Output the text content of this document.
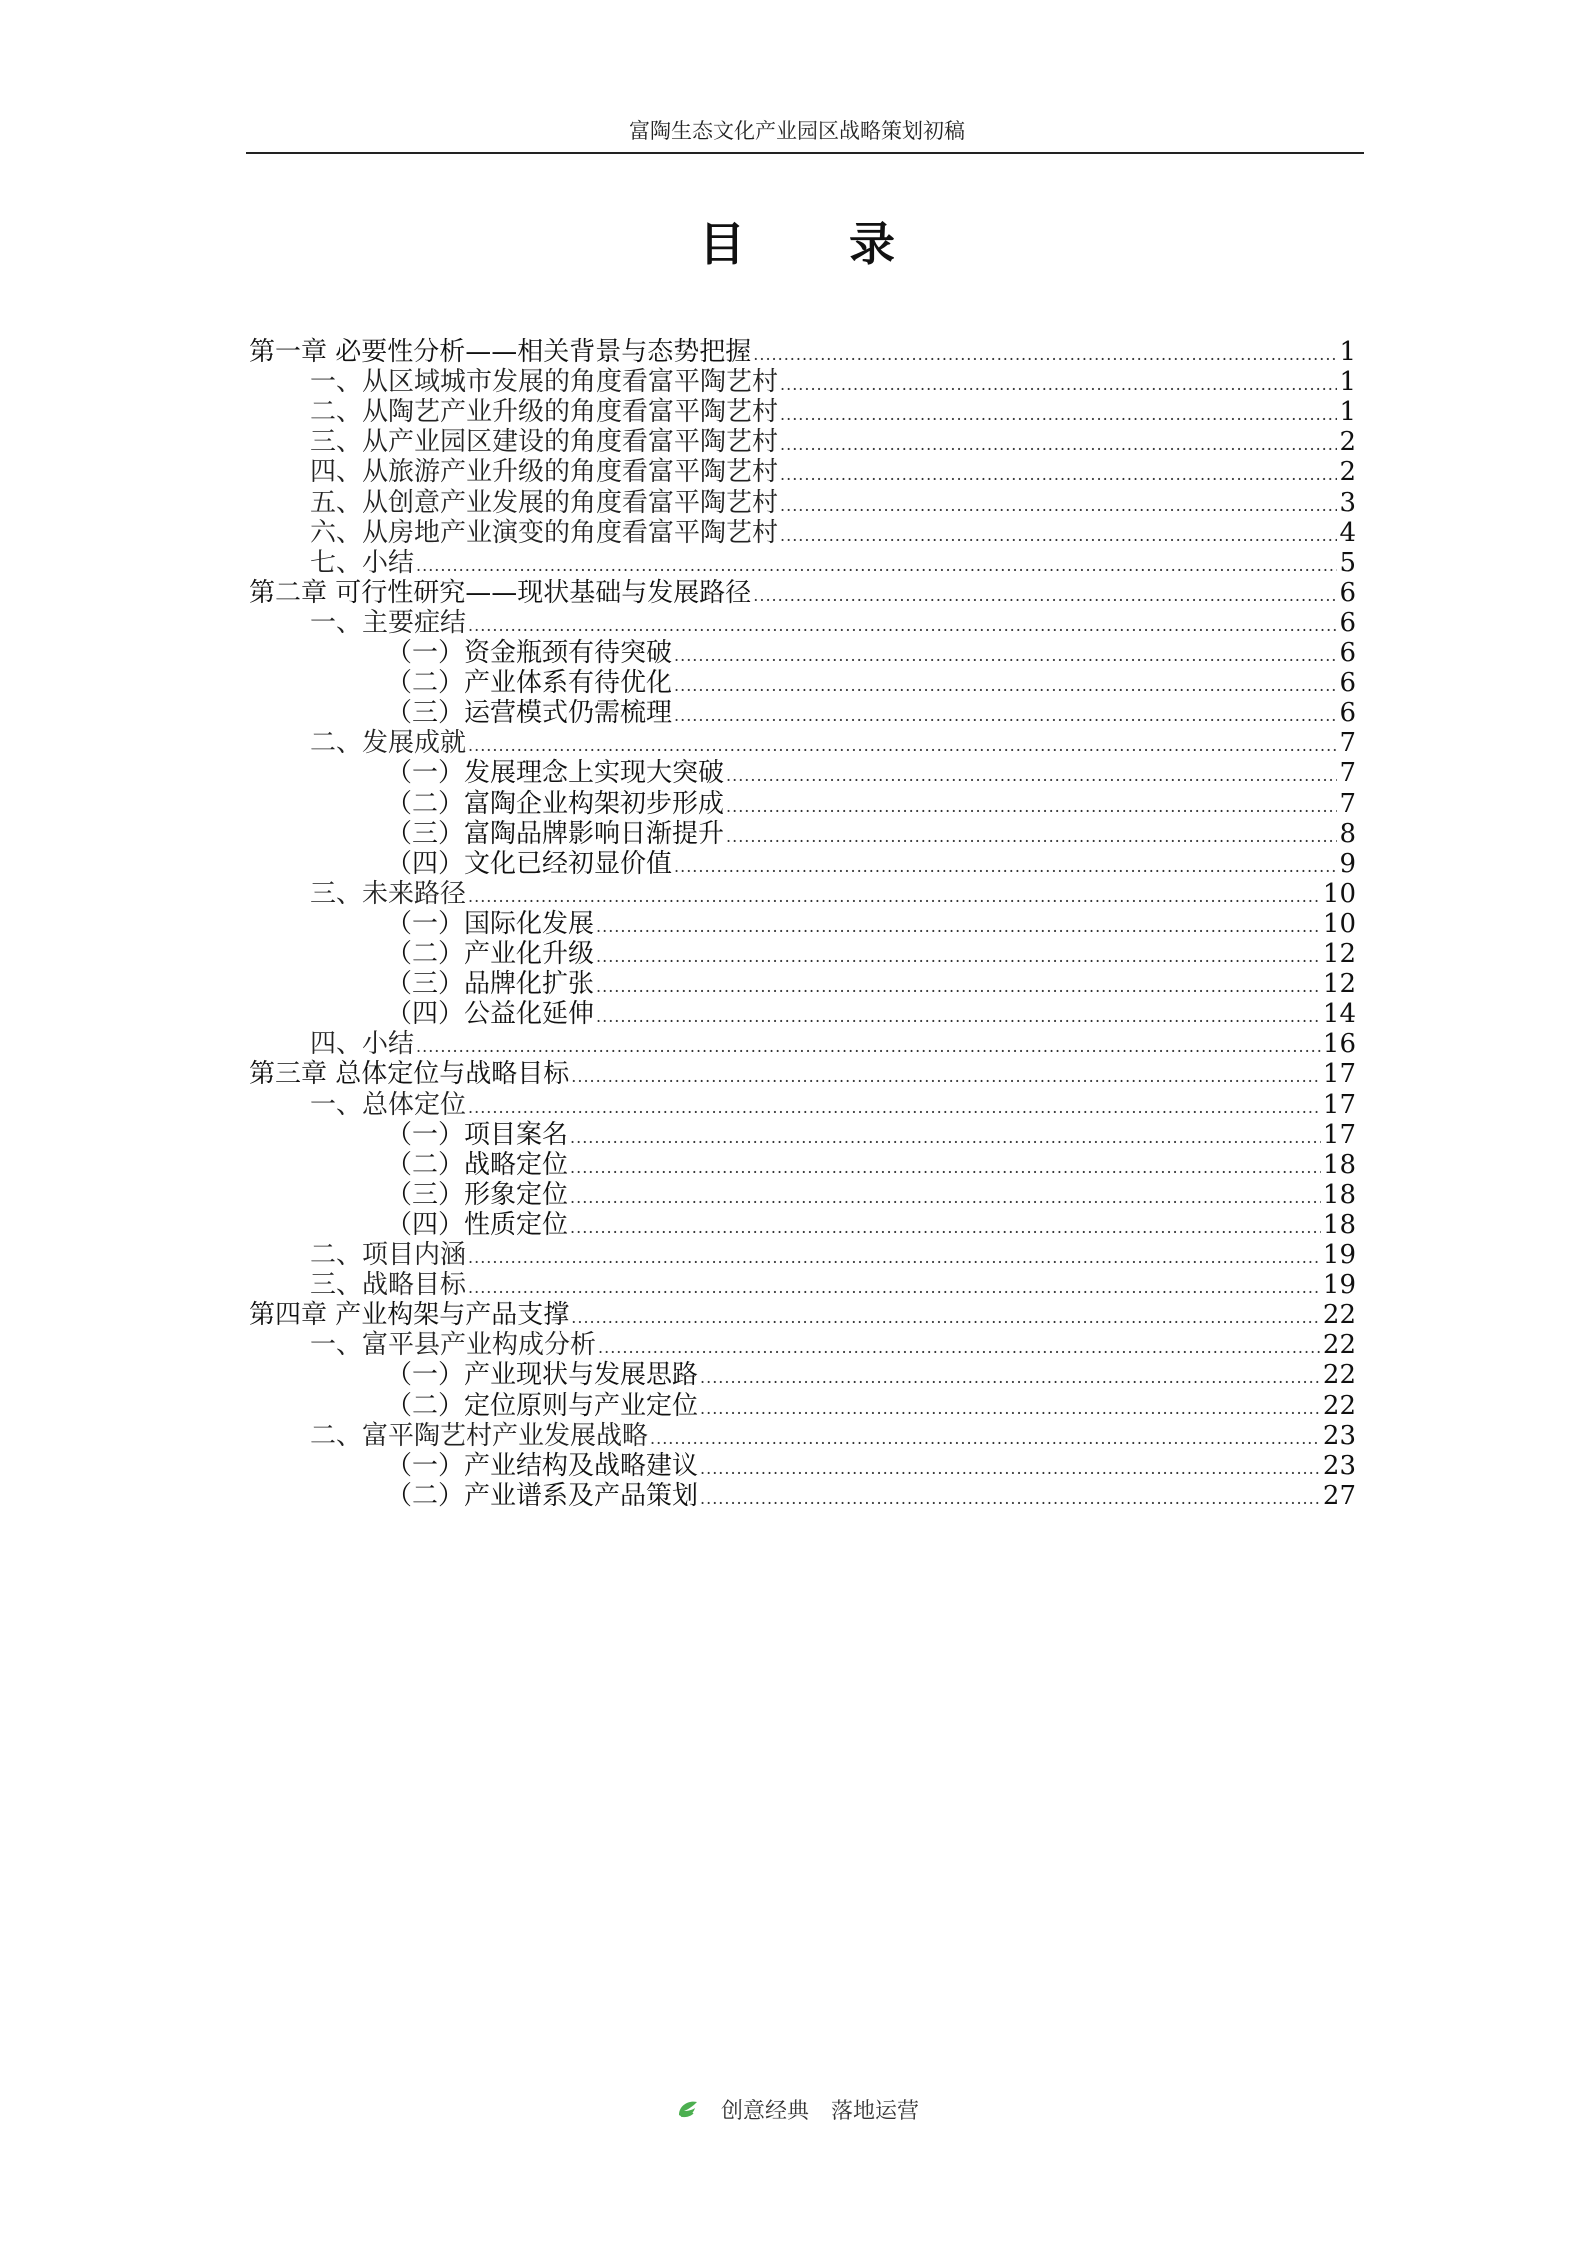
富陶生态文化产业园区战略策划初稿
目 录
第一章 必要性分析——相关背景与态势把握 .....	1
一、从区域城市发展的角度看富平陶艺村 .....	1
二、从陶艺产业升级的角度看富平陶艺村 .....	1
三、从产业园区建设的角度看富平陶艺村 .....	2
四、从旅游产业升级的角度看富平陶艺村 .....	2
五、从创意产业发展的角度看富平陶艺村 .....	3
六、从房地产业演变的角度看富平陶艺村 .....	4
七、小结 .....	5
第二章 可行性研究——现状基础与发展路径 .....	6
一、主要症结 .....	6
（一）资金瓶颈有待突破 .....	6
（二）产业体系有待优化 .....	6
（三）运营模式仍需梳理 .....	6
二、发展成就 .....	7
（一）发展理念上实现大突破 .....	7
（二）富陶企业构架初步形成 .....	7
（三）富陶品牌影响日渐提升 .....	8
（四）文化已经初显价值 .....	9
三、未来路径 .....	10
（一）国际化发展 .....	10
（二）产业化升级 .....	12
（三）品牌化扩张 .....	12
（四）公益化延伸 .....	14
四、小结 .....	16
第三章 总体定位与战略目标 .....	17
一、总体定位 .....	17
（一）项目案名 .....	17
（二）战略定位 .....	18
（三）形象定位 .....	18
（四）性质定位 .....	18
二、项目内涵 .....	19
三、战略目标 .....	19
第四章 产业构架与产品支撑 .....	22
一、富平县产业构成分析 .....	22
（一）产业现状与发展思路 .....	22
（二）定位原则与产业定位 .....	22
二、富平陶艺村产业发展战略 .....	23
（一）产业结构及战略建议 .....	23
（二）产业谱系及产品策划 .....	27
创意经典　落地运营
